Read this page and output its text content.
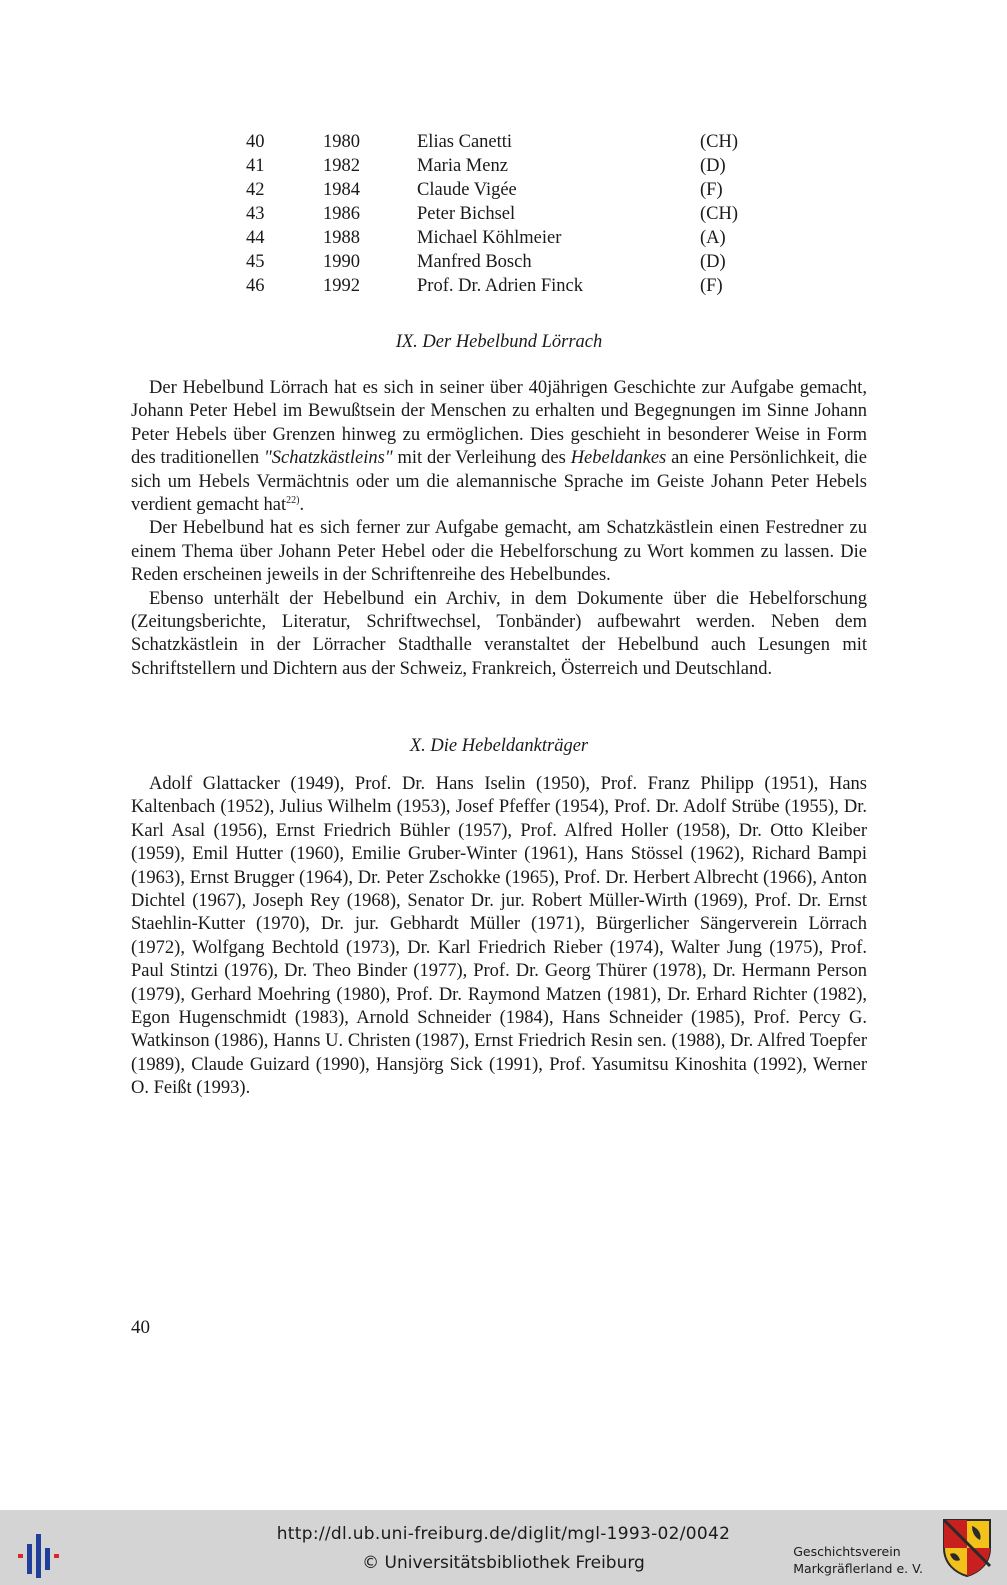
40	1980	Elias Canetti	(CH)
41	1982	Maria Menz	(D)
42	1984	Claude Vigée	(F)
43	1986	Peter Bichsel	(CH)
44	1988	Michael Köhlmeier	(A)
45	1990	Manfred Bosch	(D)
46	1992	Prof. Dr. Adrien Finck	(F)
IX. Der Hebelbund Lörrach

Der Hebelbund Lörrach hat es sich in seiner über 40jährigen Geschichte zur Aufgabe gemacht, Johann Peter Hebel im Bewußtsein der Menschen zu erhalten und Begegnungen im Sinne Johann Peter Hebels über Grenzen hinweg zu ermöglichen. Dies geschieht in besonderer Weise in Form des traditionellen "Schatzkästleins" mit der Verleihung des Hebeldankes an eine Persönlichkeit, die sich um Hebels Vermächtnis oder um die alemannische Sprache im Geiste Johann Peter Hebels verdient gemacht hat$^{22)}$.

Der Hebelbund hat es sich ferner zur Aufgabe gemacht, am Schatzkästlein einen Festredner zu einem Thema über Johann Peter Hebel oder die Hebelforschung zu Wort kommen zu lassen. Die Reden erscheinen jeweils in der Schriftenreihe des Hebelbundes.

Ebenso unterhält der Hebelbund ein Archiv, in dem Dokumente über die Hebelforschung (Zeitungsberichte, Literatur, Schriftwechsel, Tonbänder) aufbewahrt werden. Neben dem Schatzkästlein in der Lörracher Stadthalle veranstaltet der Hebelbund auch Lesungen mit Schriftstellern und Dichtern aus der Schweiz, Frankreich, Österreich und Deutschland.

X. Die Hebeldankträger

Adolf Glattacker (1949), Prof. Dr. Hans Iselin (1950), Prof. Franz Philipp (1951), Hans Kaltenbach (1952), Julius Wilhelm (1953), Josef Pfeffer (1954), Prof. Dr. Adolf Strübe (1955), Dr. Karl Asal (1956), Ernst Friedrich Bühler (1957), Prof. Alfred Holler (1958), Dr. Otto Kleiber (1959), Emil Hutter (1960), Emilie Gruber-Winter (1961), Hans Stössel (1962), Richard Bampi (1963), Ernst Brugger (1964), Dr. Peter Zschokke (1965), Prof. Dr. Herbert Albrecht (1966), Anton Dichtel (1967), Joseph Rey (1968), Senator Dr. jur. Robert Müller-Wirth (1969), Prof. Dr. Ernst Staehlin-Kutter (1970), Dr. jur. Gebhardt Müller (1971), Bürgerlicher Sängerverein Lörrach (1972), Wolfgang Bechtold (1973), Dr. Karl Friedrich Rieber (1974), Walter Jung (1975), Prof. Paul Stintzi (1976), Dr. Theo Binder (1977), Prof. Dr. Georg Thürer (1978), Dr. Hermann Person (1979), Gerhard Moehring (1980), Prof. Dr. Raymond Matzen (1981), Dr. Erhard Richter (1982), Egon Hugenschmidt (1983), Arnold Schneider (1984), Hans Schneider (1985), Prof. Percy G. Watkinson (1986), Hanns U. Christen (1987), Ernst Friedrich Resin sen. (1988), Dr. Alfred Toepfer (1989), Claude Guizard (1990), Hansjörg Sick (1991), Prof. Yasumitsu Kinoshita (1992), Werner O. Feißt (1993).

40
http://dl.ub.uni-freiburg.de/diglit/mgl-1993-02/0042
© Universitätsbibliothek Freiburg
Geschichtsverein
Markgräflerland e. V.
